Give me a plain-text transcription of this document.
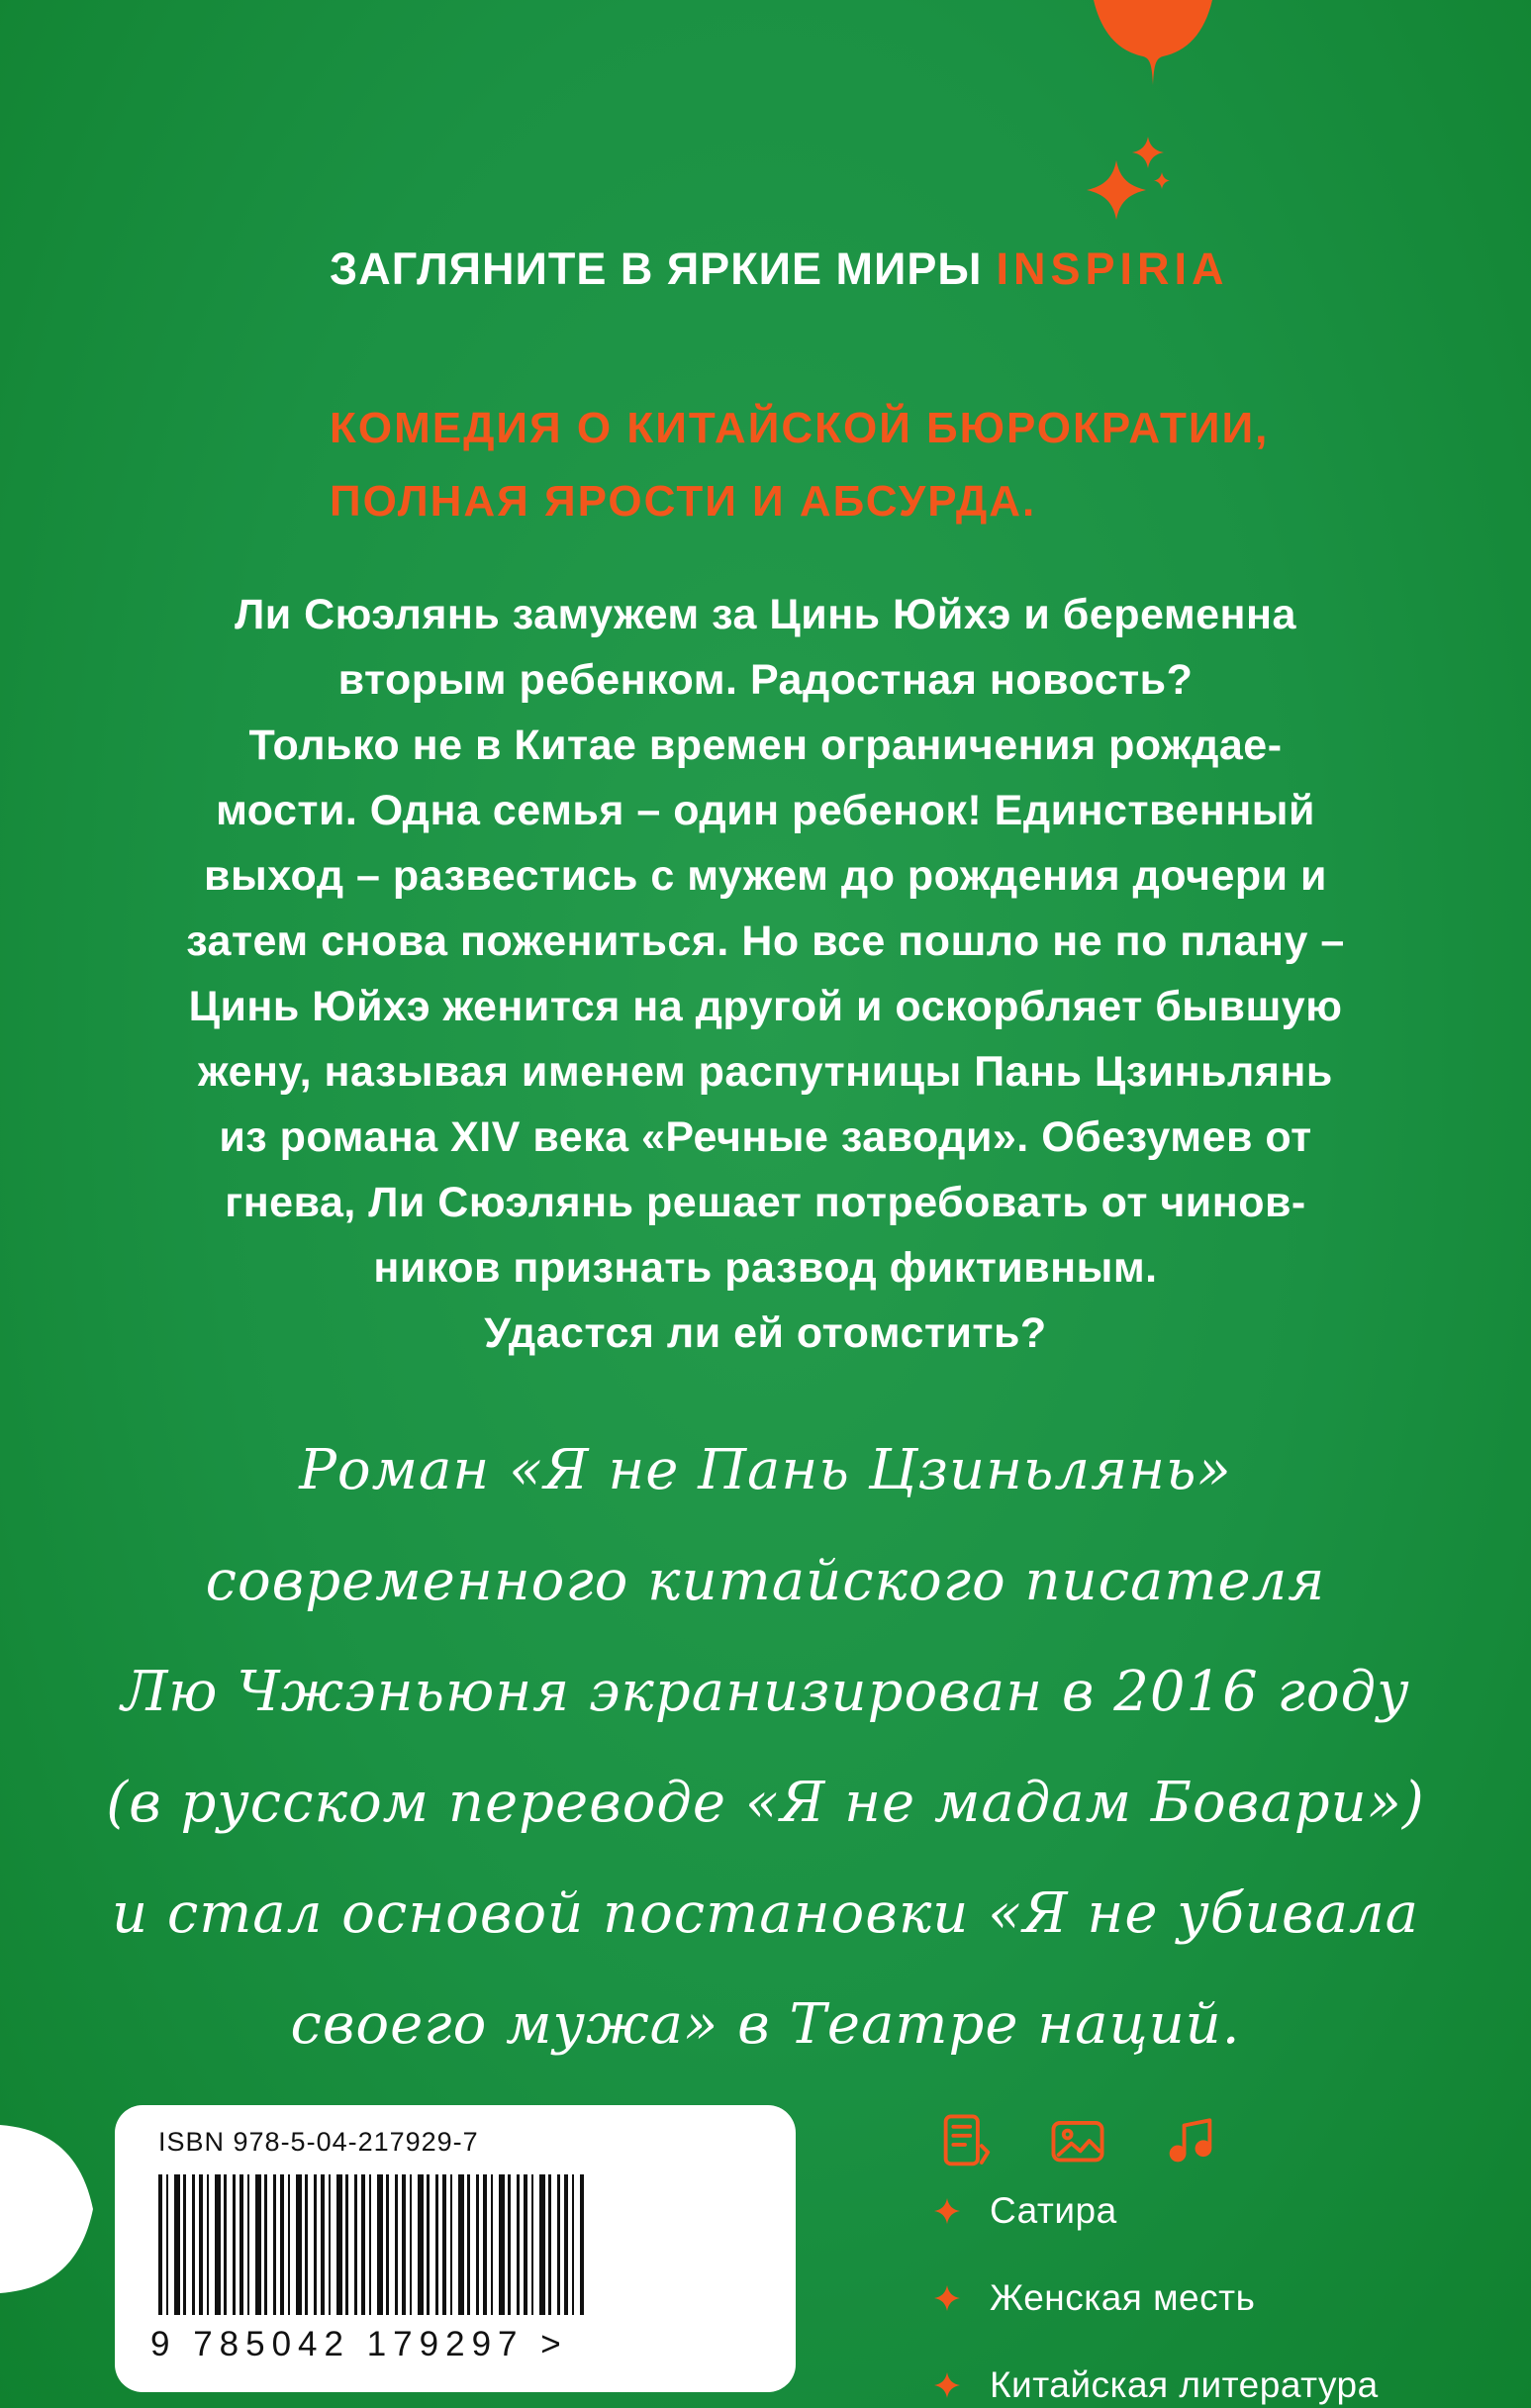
ЗАГЛЯНИТЕ В ЯРКИЕ МИРЫ INSPIRIA
КОМЕДИЯ О КИТАЙСКОЙ БЮРОКРАТИИ,
ПОЛНАЯ ЯРОСТИ И АБСУРДА.
Ли Сюэлянь замужем за Цинь Юйхэ и беременна
вторым ребенком. Радостная новость?
Только не в Китае времен ограничения рождае-
мости. Одна семья – один ребенок! Единственный
выход – развестись с мужем до рождения дочери и
затем снова пожениться. Но все пошло не по плану –
Цинь Юйхэ женится на другой и оскорбляет бывшую
жену, называя именем распутницы Пань Цзиньлянь
из романа XIV века «Речные заводи». Обезумев от
гнева, Ли Сюэлянь решает потребовать от чинов-
ников признать развод фиктивным.
Удастся ли ей отомстить?
Роман «Я не Пань Цзиньлянь»
современного китайского писателя
Лю Чжэньюня экранизирован в 2016 году
(в русском переводе «Я не мадам Бовари»)
и стал основой постановки «Я не убивала
своего мужа» в Театре наций.
ISBN 978-5-04-217929-7
9 785042 179297 >
Сатира
Женская месть
Китайская литература
